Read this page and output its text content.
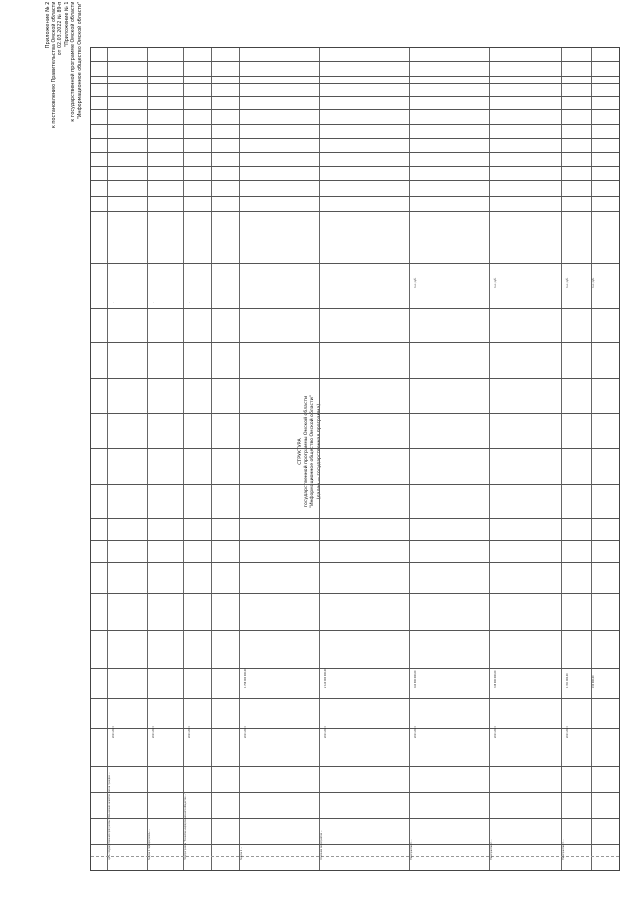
Приложение № 2 к постановлению Правительства Омской области от 02.03.2022 № 89-п "Приложение № 1 к государственной программе Омской области "Информационное общество Омской области"
СТРУКТУРА государственной программы Омской области "Информационное общество Омской области" (далее — государственная программа)
Цель государственной программы: повышение качества жизни граждан ...
2014 2024
-
Задача 1 подпрограммы ...
2014 2024
-
Подпрограмма "Развитие информационного общества ..."
2014 2024
-
Задача 2 ...
2014 2024
1 798 000 000,00
Основное мероприятие ...
2014 2024
2 120 000 000,00
Мероприятие 1 ...
2014 2024
466 900 000,00
тыс. руб.
Мероприятие 2 ...
2014 2024
338 000 000,00
тыс. руб.
Мероприятие 3 ...
2014 2024
1 394 000,00
тыс. руб.
150 000,00
тыс. руб.
